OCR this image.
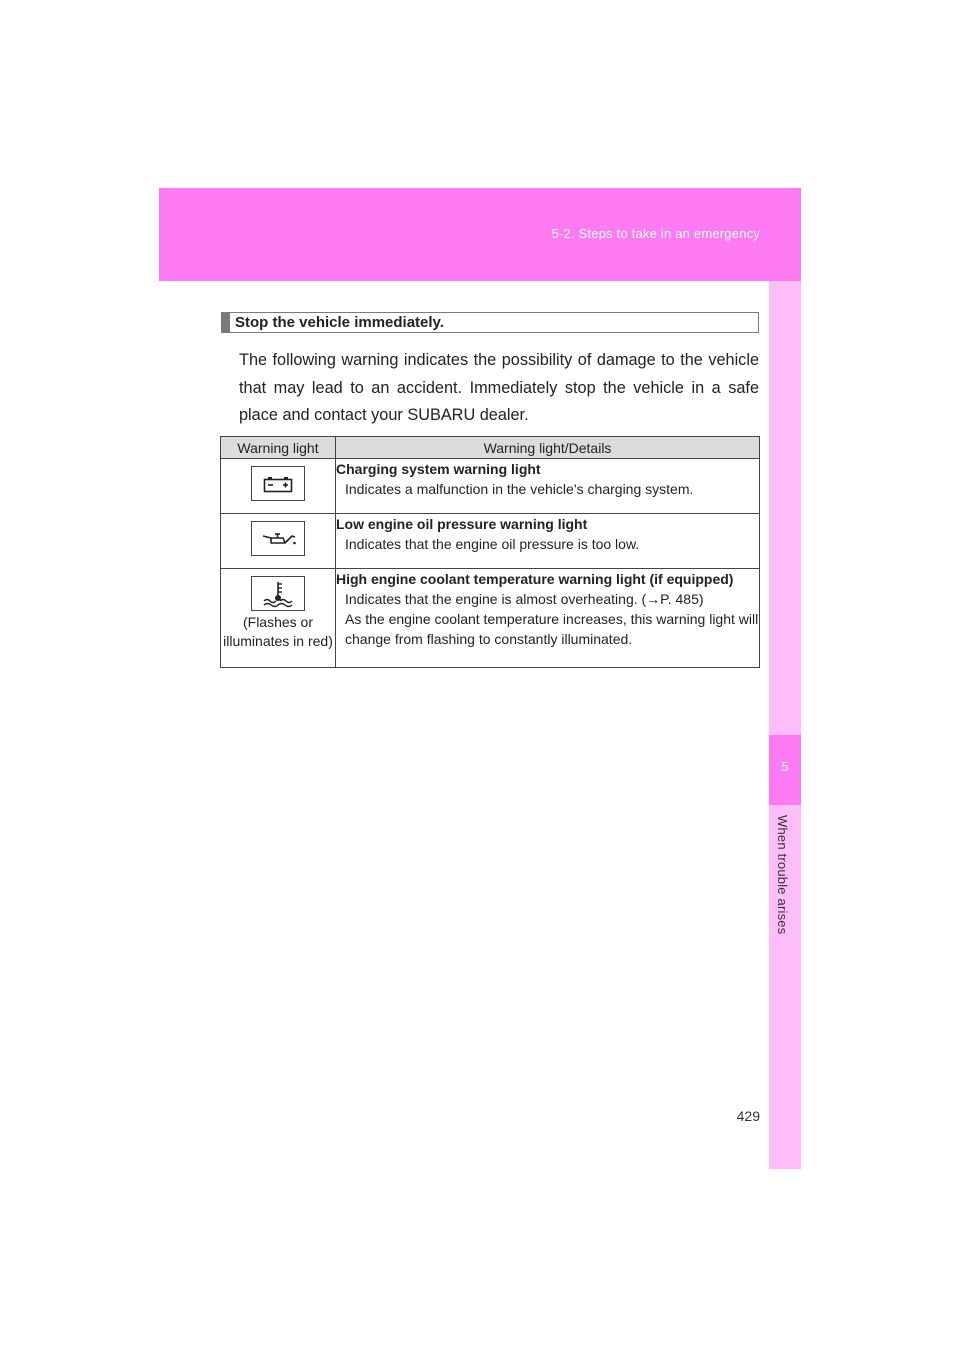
5-2. Steps to take in an emergency
5
When trouble arises
Stop the vehicle immediately.
The following warning indicates the possibility of damage to the vehicle that may lead to an accident. Immediately stop the vehicle in a safe place and contact your SUBARU dealer.
Warning light	Warning light/Details

Charging system warning light
Indicates a malfunction in the vehicle’s charging system.

Low engine oil pressure warning light
Indicates that the engine oil pressure is too low.

(Flashes or illuminates in red)	High engine coolant temperature warning light (if equipped)
Indicates that the engine is almost overheating. (→P. 485)
As the engine coolant temperature increases, this warning light will change from flashing to constantly illuminated.
429
